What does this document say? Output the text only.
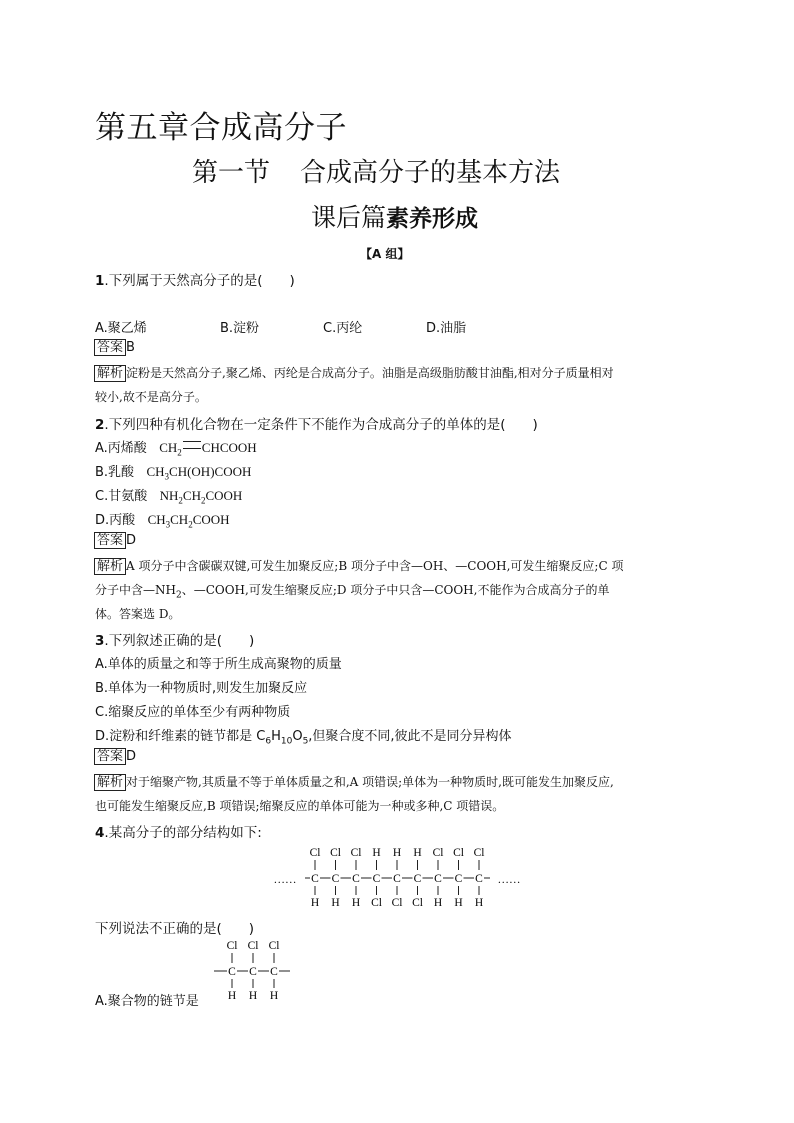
第五章合成高分子
第一节 合成高分子的基本方法
课后篇素养形成
【A 组】
1.下列属于天然高分子的是(　　)
A.聚乙烯	B.淀粉	C.丙纶	D.油脂
答案 B
解析 淀粉是天然高分子,聚乙烯、丙纶是合成高分子。油脂是高级脂肪酸甘油酯,相对分子质量相对
较小,故不是高分子。
2.下列四种有机化合物在一定条件下不能作为合成高分子的单体的是(　　)
A.丙烯酸 $CH_2$ CHCOOH
B.乳酸 $CH_3CH(OH)COOH$
C.甘氨酸 $NH_2CH_2COOH$
D.丙酸 $CH_3CH_2COOH$
答案 D
解析 A 项分子中含碳碳双键,可发生加聚反应;B 项分子中含—OH、—COOH,可发生缩聚反应;C 项
分子中含$—NH_2$、—COOH,可发生缩聚反应;D 项分子中只含—COOH,不能作为合成高分子的单
体。答案选 D。
3.下列叙述正确的是(　　)
A.单体的质量之和等于所生成高聚物的质量
B.单体为一种物质时,则发生加聚反应
C.缩聚反应的单体至少有两种物质
D.淀粉和纤维素的链节都是 $C_6H_{10}O_5$,但聚合度不同,彼此不是同分异构体
答案 D
解析 对于缩聚产物,其质量不等于单体质量之和,A 项错误;单体为一种物质时,既可能发生加聚反应,
也可能发生缩聚反应,B 项错误;缩聚反应的单体可能为一种或多种,C 项错误。
4.某高分子的部分结构如下:
……	……
Cl
C
H
Cl
C
H
Cl
C
H
H
C
Cl
H
C
Cl
H
C
Cl
Cl
C
H
Cl
C
H
Cl
C
H
下列说法不正确的是(　　)
Cl
C
H
Cl
C
H
Cl
C
H
A.聚合物的链节是
